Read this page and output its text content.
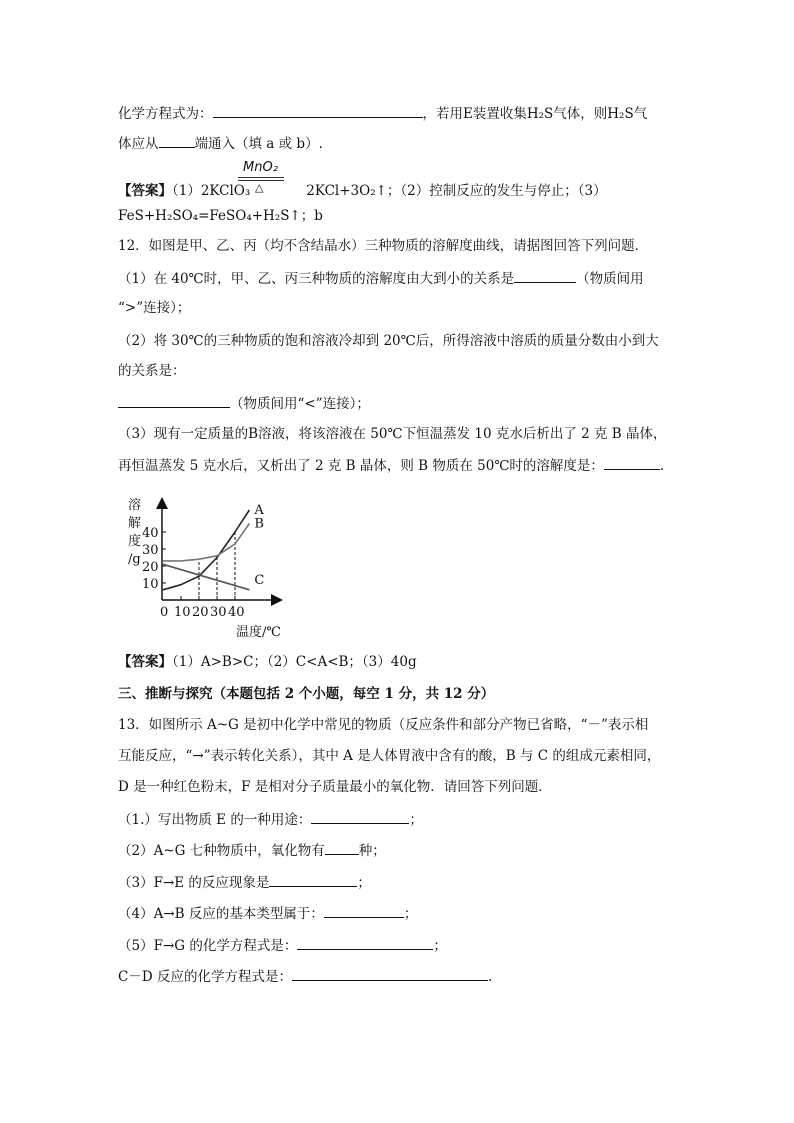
化学方程式为：	，若用E装置收集H₂S气体，则H₂S气
体应从	端通入（填 a 或 b）.
MnO₂
△
【答案】（1）2KClO₃	2KCl+3O₂↑；（2）控制反应的发生与停止；（3）
FeS+H₂SO₄=FeSO₄+H₂S↑；b
12．如图是甲、乙、丙（均不含结晶水）三种物质的溶解度曲线，请据图回答下列问题．
（1）在 40℃时，甲、乙、丙三种物质的溶解度由大到小的关系是	（物质间用
“>”连接）；
（2）将 30℃的三种物质的饱和溶液冷却到 20℃后，所得溶液中溶质的质量分数由小到大
的关系是：
（物质间用“<”连接）；
（3）现有一定质量的B溶液，将该溶液在 50℃下恒温蒸发 10 克水后析出了 2 克 B 晶体，
再恒温蒸发 5 克水后，又析出了 2 克 B 晶体，则 B 物质在 50℃时的溶解度是：	.
溶
解
度
/g
0 10 20 30 40
10
20
30
40
A
B
C
温度/℃
【答案】（1）A>B>C；（2）C<A<B；（3）40g
三、推断与探究（本题包括 2 个小题，每空 1 分，共 12 分）
13．如图所示 A~G 是初中化学中常见的物质（反应条件和部分产物已省略，“－”表示相
互能反应，“→”表示转化关系），其中 A 是人体胃液中含有的酸，B 与 C 的组成元素相同，
D 是一种红色粉末，F 是相对分子质量最小的氧化物．请回答下列问题．
（1.）写出物质 E 的一种用途：	；
（2）A~G 七种物质中，氧化物有	种；
（3）F→E 的反应现象是	；
（4）A→B 反应的基本类型属于：	；
（5）F→G 的化学方程式是：	；
C－D 反应的化学方程式是：	.
